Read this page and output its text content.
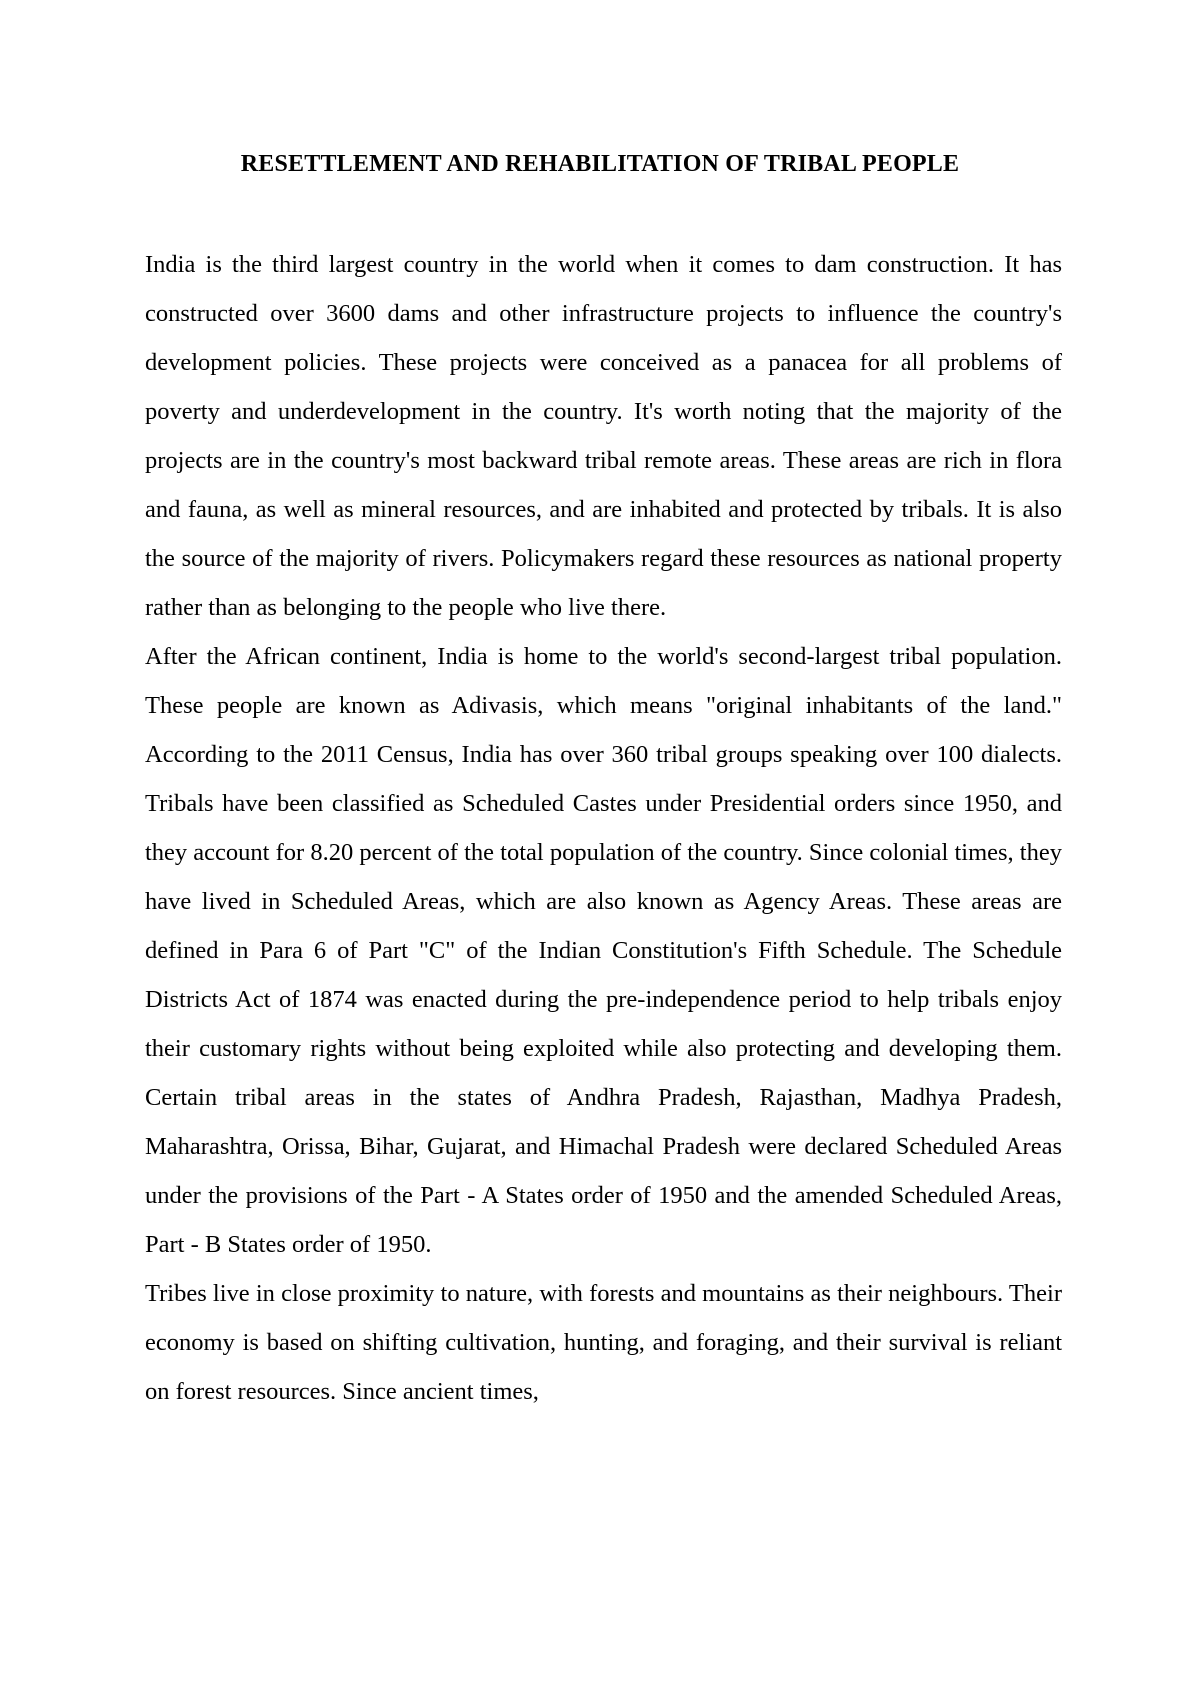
RESETTLEMENT AND REHABILITATION OF TRIBAL PEOPLE

India is the third largest country in the world when it comes to dam construction. It has constructed over 3600 dams and other infrastructure projects to influence the country's development policies. These projects were conceived as a panacea for all problems of poverty and underdevelopment in the country. It's worth noting that the majority of the projects are in the country's most backward tribal remote areas. These areas are rich in flora and fauna, as well as mineral resources, and are inhabited and protected by tribals. It is also the source of the majority of rivers. Policymakers regard these resources as national property rather than as belonging to the people who live there.

After the African continent, India is home to the world's second-largest tribal population. These people are known as Adivasis, which means "original inhabitants of the land." According to the 2011 Census, India has over 360 tribal groups speaking over 100 dialects. Tribals have been classified as Scheduled Castes under Presidential orders since 1950, and they account for 8.20 percent of the total population of the country. Since colonial times, they have lived in Scheduled Areas, which are also known as Agency Areas. These areas are defined in Para 6 of Part "C" of the Indian Constitution's Fifth Schedule. The Schedule Districts Act of 1874 was enacted during the pre-independence period to help tribals enjoy their customary rights without being exploited while also protecting and developing them. Certain tribal areas in the states of Andhra Pradesh, Rajasthan, Madhya Pradesh, Maharashtra, Orissa, Bihar, Gujarat, and Himachal Pradesh were declared Scheduled Areas under the provisions of the Part - A States order of 1950 and the amended Scheduled Areas, Part - B States order of 1950.

Tribes live in close proximity to nature, with forests and mountains as their neighbours. Their economy is based on shifting cultivation, hunting, and foraging, and their survival is reliant on forest resources. Since ancient times,
